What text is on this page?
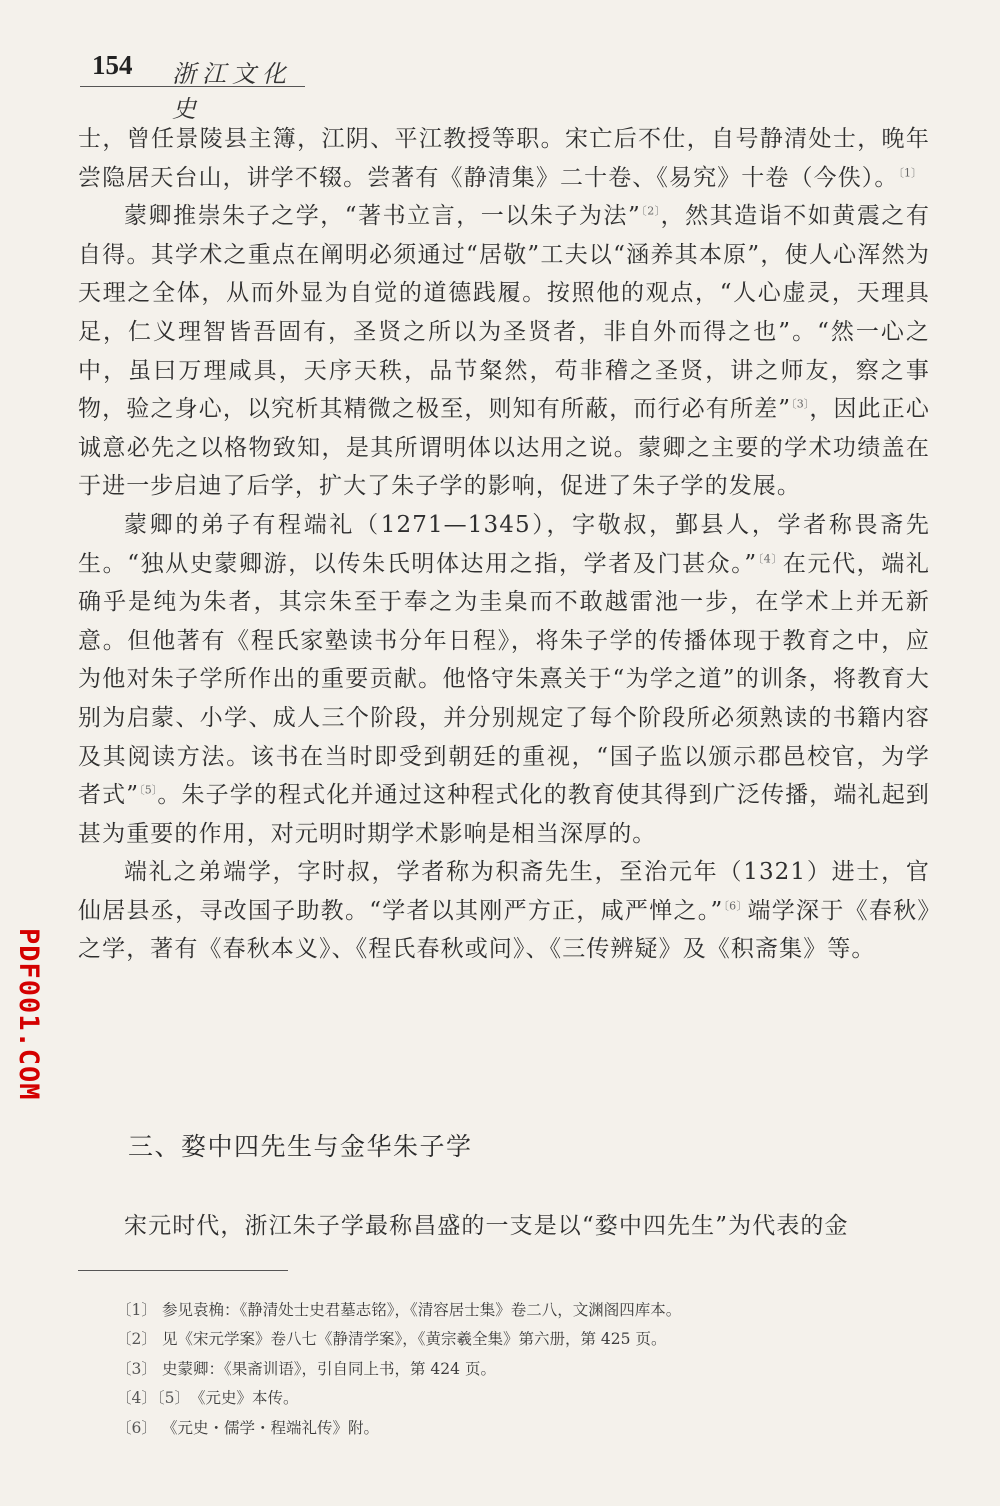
154 浙江文化史

士，曾任景陵县主簿，江阴、平江教授等职。宋亡后不仕，自号静清处士，晚年尝隐居天台山，讲学不辍。尝著有《静清集》二十卷、《易究》十卷（今佚）。$^{〔1〕}$

蒙卿推崇朱子之学，“著书立言，一以朱子为法”$^{〔2〕}$，然其造诣不如黄震之有自得。其学术之重点在阐明必须通过“居敬”工夫以“涵养其本原”，使人心浑然为天理之全体，从而外显为自觉的道德践履。按照他的观点，“人心虚灵，天理具足，仁义理智皆吾固有，圣贤之所以为圣贤者，非自外而得之也”。“然一心之中，虽曰万理咸具，天序天秩，品节粲然，苟非稽之圣贤，讲之师友，察之事物，验之身心，以究析其精微之极至，则知有所蔽，而行必有所差”$^{〔3〕}$，因此正心诚意必先之以格物致知，是其所谓明体以达用之说。蒙卿之主要的学术功绩盖在于进一步启迪了后学，扩大了朱子学的影响，促进了朱子学的发展。

蒙卿的弟子有程端礼（1271—1345），字敬叔，鄞县人，学者称畏斋先生。“独从史蒙卿游，以传朱氏明体达用之指，学者及门甚众。”$^{〔4〕}$在元代，端礼确乎是纯为朱者，其宗朱至于奉之为圭臬而不敢越雷池一步，在学术上并无新意。但他著有《程氏家塾读书分年日程》，将朱子学的传播体现于教育之中，应为他对朱子学所作出的重要贡献。他恪守朱熹关于“为学之道”的训条，将教育大别为启蒙、小学、成人三个阶段，并分别规定了每个阶段所必须熟读的书籍内容及其阅读方法。该书在当时即受到朝廷的重视，“国子监以颁示郡邑校官，为学者式”$^{〔5〕}$。朱子学的程式化并通过这种程式化的教育使其得到广泛传播，端礼起到甚为重要的作用，对元明时期学术影响是相当深厚的。

端礼之弟端学，字时叔，学者称为积斋先生，至治元年（1321）进士，官仙居县丞，寻改国子助教。“学者以其刚严方正，咸严惮之。”$^{〔6〕}$端学深于《春秋》之学，著有《春秋本义》、《程氏春秋或问》、《三传辨疑》及《积斋集》等。

三、婺中四先生与金华朱子学

宋元时代，浙江朱子学最称昌盛的一支是以“婺中四先生”为代表的金

〔1〕 参见袁桷：《静清处士史君墓志铭》，《清容居士集》卷二八，文渊阁四库本。
〔2〕 见《宋元学案》卷八七《静清学案》，《黄宗羲全集》第六册，第 425 页。
〔3〕 史蒙卿：《果斋训语》，引自同上书，第 424 页。
〔4〕〔5〕《元史》本传。
〔6〕 《元史・儒学・程端礼传》附。
PDF001.COM
